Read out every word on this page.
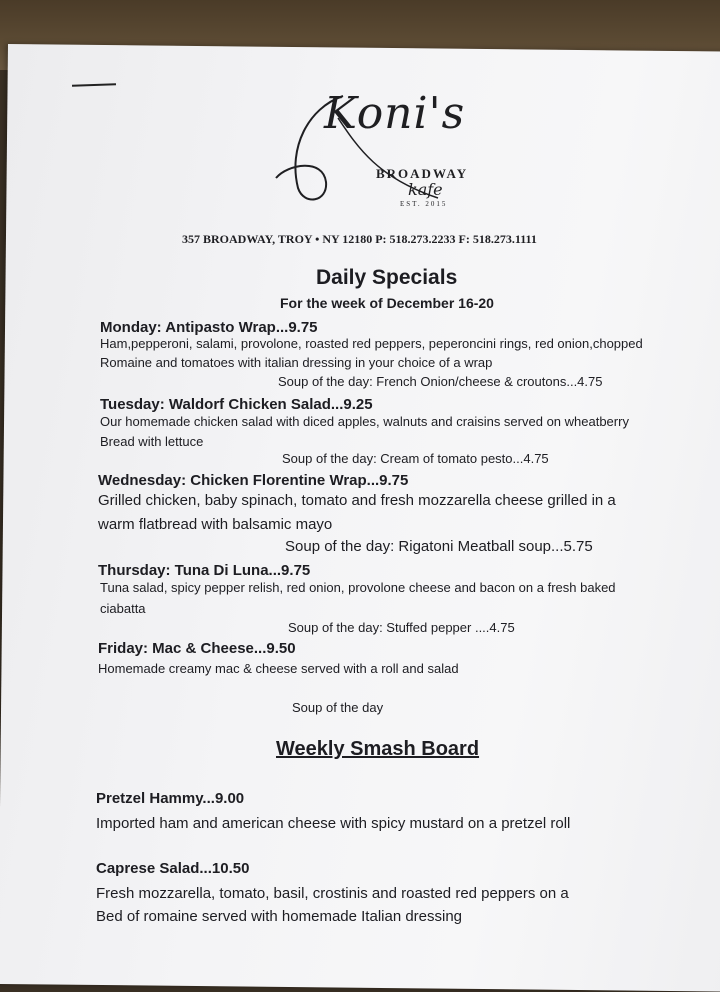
Koni's
BROADWAY
kafe
EST. 2015
357 BROADWAY, TROY • NY 12180 P: 518.273.2233 F: 518.273.1111
Daily Specials
For the week of December 16-20
Monday: Antipasto Wrap...9.75
Ham,pepperoni, salami, provolone, roasted red peppers, peperoncini rings, red onion,chopped
Romaine and tomatoes with italian dressing in your choice of a wrap
Soup of the day: French Onion/cheese & croutons...4.75
Tuesday: Waldorf Chicken Salad...9.25
Our homemade chicken salad with diced apples, walnuts and craisins served on wheatberry
Bread with lettuce
Soup of the day: Cream of tomato pesto...4.75
Wednesday: Chicken Florentine Wrap...9.75
Grilled chicken, baby spinach, tomato and fresh mozzarella cheese grilled in a
warm flatbread with balsamic mayo
Soup of the day: Rigatoni Meatball soup...5.75
Thursday: Tuna Di Luna...9.75
Tuna salad, spicy pepper relish, red onion, provolone cheese and bacon on a fresh baked
ciabatta
Soup of the day: Stuffed pepper ....4.75
Friday: Mac & Cheese...9.50
Homemade creamy mac & cheese served with a roll and salad
Soup of the day
Weekly Smash Board
Pretzel Hammy...9.00
Imported ham and american cheese with spicy mustard on a pretzel roll
Caprese Salad...10.50
Fresh mozzarella, tomato, basil, crostinis and roasted red peppers on a
Bed of romaine served with homemade Italian dressing
